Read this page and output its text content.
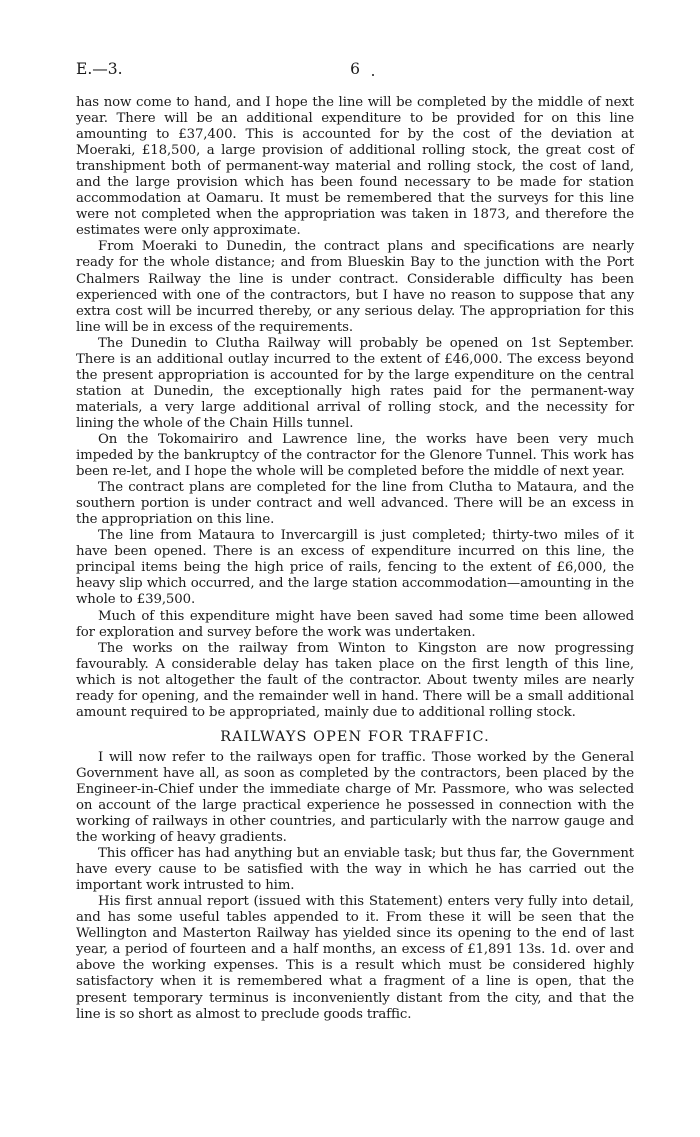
E.—3.	6

has now come to hand, and I hope the line will be completed by the middle of next year. There will be an additional expenditure to be provided for on this line amounting to £37,400. This is accounted for by the cost of the deviation at Moeraki, £18,500, a large provision of additional rolling stock, the great cost of transhipment both of permanent-way material and rolling stock, the cost of land, and the large provision which has been found necessary to be made for station accommodation at Oamaru. It must be remembered that the surveys for this line were not completed when the appropriation was taken in 1873, and therefore the estimates were only approximate.

From Moeraki to Dunedin, the contract plans and specifications are nearly ready for the whole distance; and from Blueskin Bay to the junction with the Port Chalmers Railway the line is under contract. Considerable difficulty has been experienced with one of the contractors, but I have no reason to suppose that any extra cost will be incurred thereby, or any serious delay. The appropriation for this line will be in excess of the requirements.

The Dunedin to Clutha Railway will probably be opened on 1st September. There is an additional outlay incurred to the extent of £46,000. The excess beyond the present appropriation is accounted for by the large expenditure on the central station at Dunedin, the exceptionally high rates paid for the permanent-way materials, a very large additional arrival of rolling stock, and the necessity for lining the whole of the Chain Hills tunnel.

On the Tokomairiro and Lawrence line, the works have been very much impeded by the bankruptcy of the contractor for the Glenore Tunnel. This work has been re-let, and I hope the whole will be completed before the middle of next year.

The contract plans are completed for the line from Clutha to Mataura, and the southern portion is under contract and well advanced. There will be an excess in the appropriation on this line.

The line from Mataura to Invercargill is just completed; thirty-two miles of it have been opened. There is an excess of expenditure incurred on this line, the principal items being the high price of rails, fencing to the extent of £6,000, the heavy slip which occurred, and the large station accommodation—amounting in the whole to £39,500.

Much of this expenditure might have been saved had some time been allowed for exploration and survey before the work was undertaken.

The works on the railway from Winton to Kingston are now progressing favourably. A considerable delay has taken place on the first length of this line, which is not altogether the fault of the contractor. About twenty miles are nearly ready for opening, and the remainder well in hand. There will be a small additional amount required to be appropriated, mainly due to additional rolling stock.

RAILWAYS OPEN FOR TRAFFIC.

I will now refer to the railways open for traffic. Those worked by the General Government have all, as soon as completed by the contractors, been placed by the Engineer-in-Chief under the immediate charge of Mr. Passmore, who was selected on account of the large practical experience he possessed in connection with the working of railways in other countries, and particularly with the narrow gauge and the working of heavy gradients.

This officer has had anything but an enviable task; but thus far, the Government have every cause to be satisfied with the way in which he has carried out the important work intrusted to him.

His first annual report (issued with this Statement) enters very fully into detail, and has some useful tables appended to it. From these it will be seen that the Wellington and Masterton Railway has yielded since its opening to the end of last year, a period of fourteen and a half months, an excess of £1,891 13s. 1d. over and above the working expenses. This is a result which must be considered highly satisfactory when it is remembered what a fragment of a line is open, that the present temporary terminus is inconveniently distant from the city, and that the line is so short as almost to preclude goods traffic.
